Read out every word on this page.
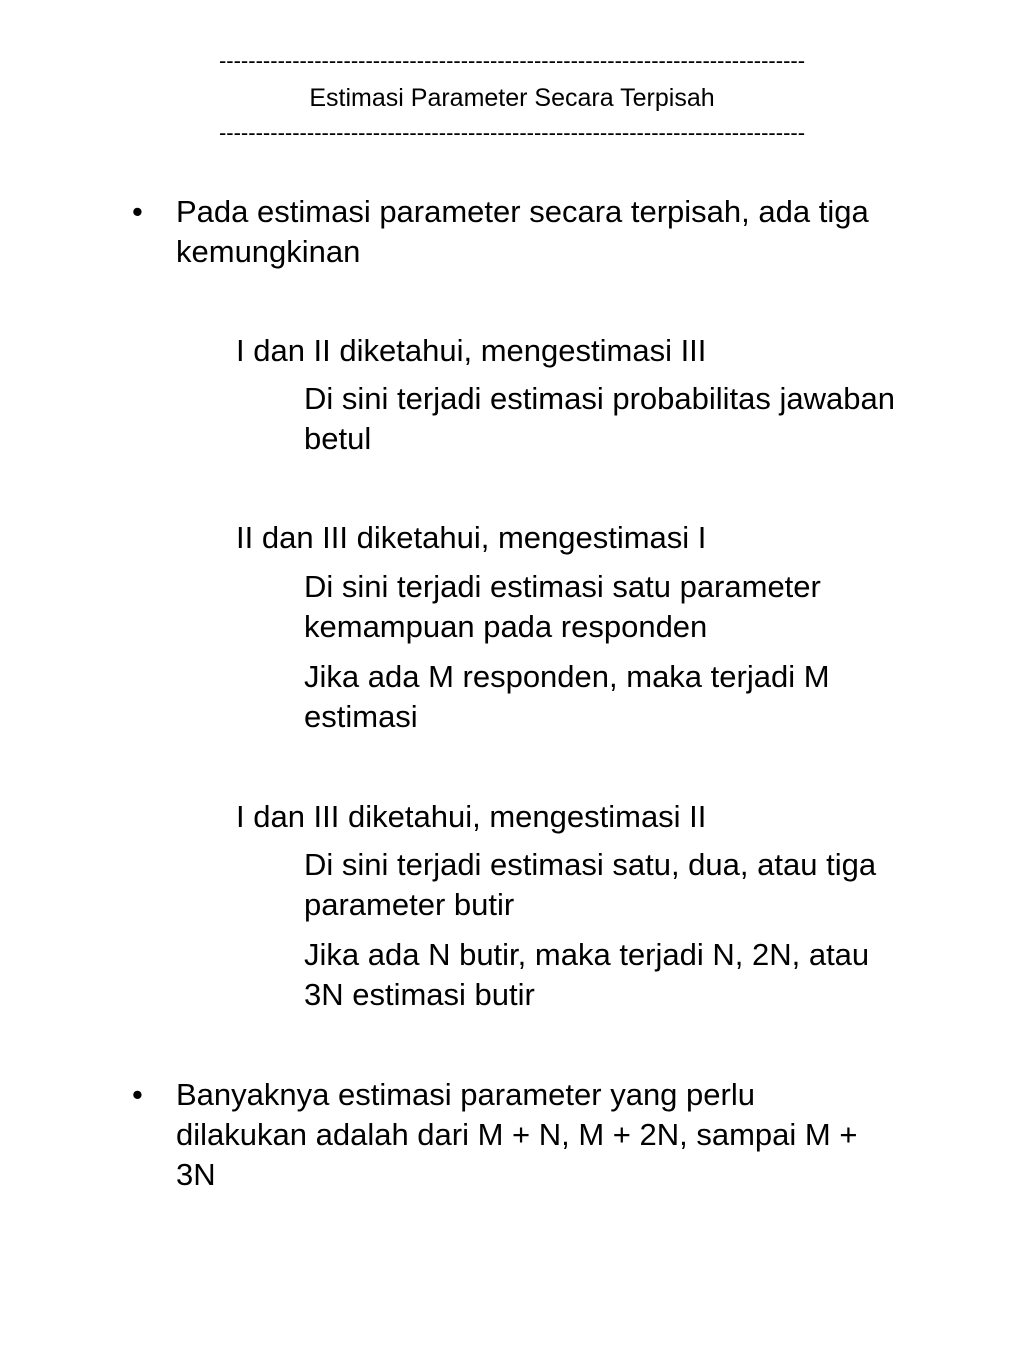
--------------------------------------------------------------------------------
Estimasi Parameter Secara Terpisah
--------------------------------------------------------------------------------
•	Pada estimasi parameter secara terpisah, ada tiga
kemungkinan
I dan II diketahui, mengestimasi III
Di sini terjadi estimasi probabilitas jawaban
betul
II dan III diketahui, mengestimasi I
Di sini terjadi estimasi satu parameter
kemampuan pada responden
Jika ada M responden, maka terjadi M
estimasi
I dan III diketahui, mengestimasi II
Di sini terjadi estimasi satu, dua, atau tiga
parameter butir
Jika ada N butir, maka terjadi N, 2N, atau
3N estimasi butir
•	Banyaknya estimasi parameter yang perlu
dilakukan adalah dari M + N, M + 2N, sampai M +
3N
